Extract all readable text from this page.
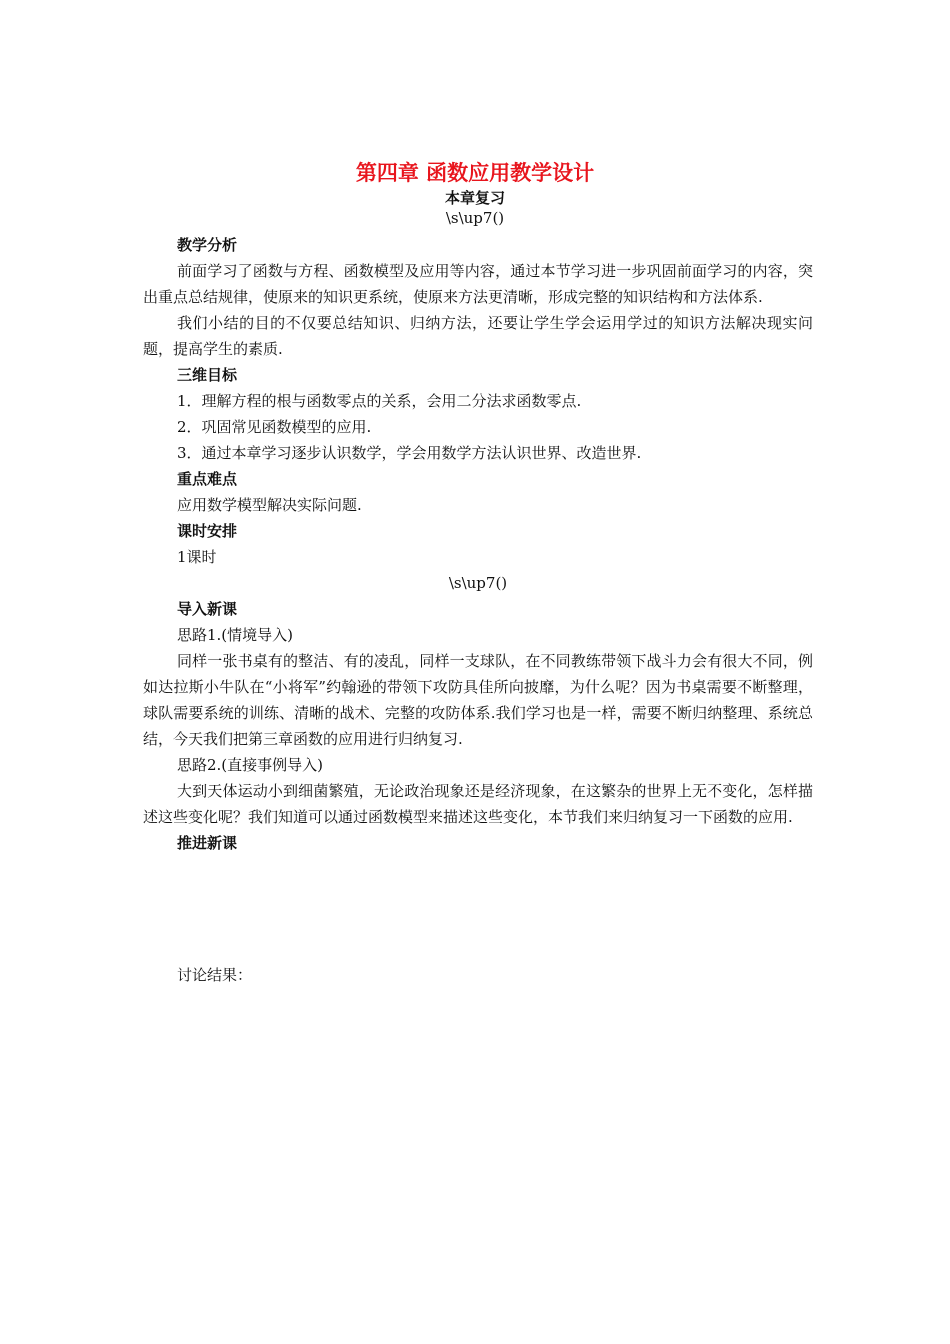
第四章 函数应用教学设计
本章复习
\s\up7()

教学分析

前面学习了函数与方程、函数模型及应用等内容，通过本节学习进一步巩固前面学习的内容，突出重点总结规律，使原来的知识更系统，使原来方法更清晰，形成完整的知识结构和方法体系.

我们小结的目的不仅要总结知识、归纳方法，还要让学生学会运用学过的知识方法解决现实问题，提高学生的素质.

三维目标

1．理解方程的根与函数零点的关系，会用二分法求函数零点.

2．巩固常见函数模型的应用.

3．通过本章学习逐步认识数学，学会用数学方法认识世界、改造世界.

重点难点

应用数学模型解决实际问题.

课时安排

1课时

\s\up7()

导入新课

思路1.(情境导入)

同样一张书桌有的整洁、有的凌乱，同样一支球队，在不同教练带领下战斗力会有很大不同，例如达拉斯小牛队在“小将军”约翰逊的带领下攻防具佳所向披靡，为什么呢？因为书桌需要不断整理，球队需要系统的训练、清晰的战术、完整的攻防体系.我们学习也是一样，需要不断归纳整理、系统总结，今天我们把第三章函数的应用进行归纳复习.

思路2.(直接事例导入)

大到天体运动小到细菌繁殖，无论政治现象还是经济现象，在这繁杂的世界上无不变化，怎样描述这些变化呢？我们知道可以通过函数模型来描述这些变化，本节我们来归纳复习一下函数的应用.

推进新课

讨论结果：
